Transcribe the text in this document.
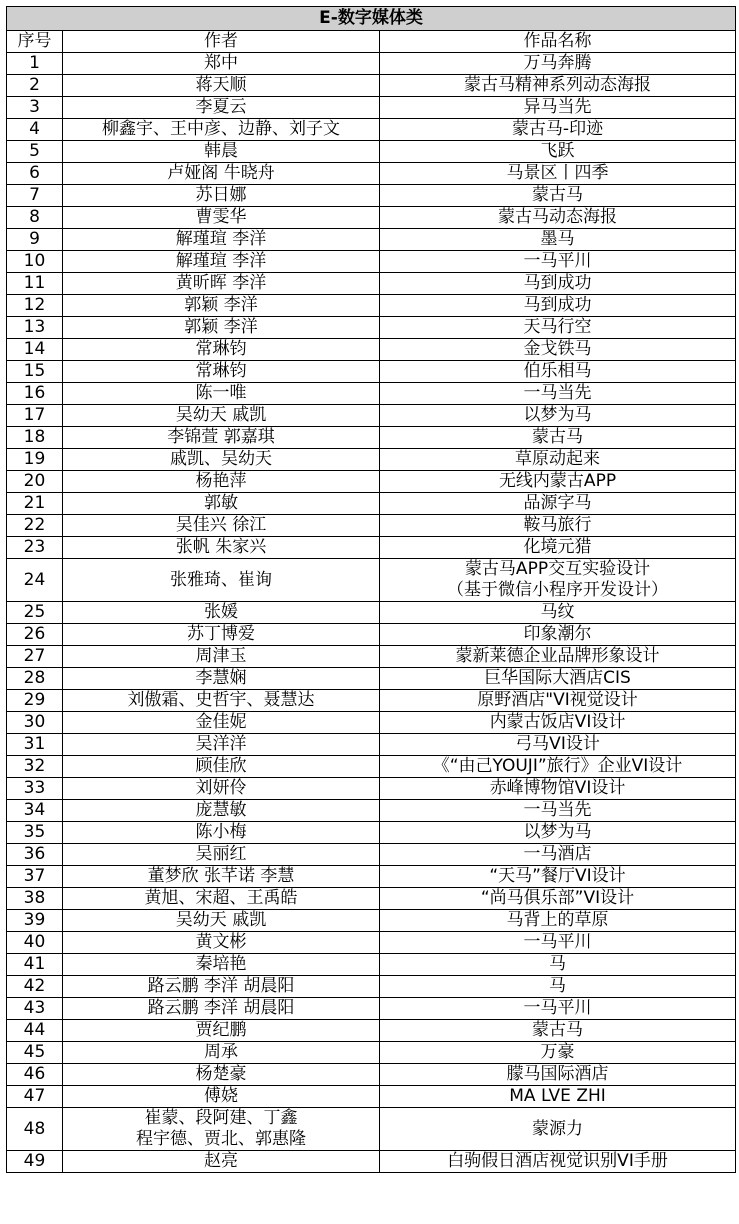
E-数字媒体类		
序号	作者	作品名称
1	郑中	万马奔腾
2	蒋天顺	蒙古马精神系列动态海报
3	李夏云	异马当先
4	柳鑫宇、王中彦、边静、刘子文	蒙古马-印迹
5	韩晨	飞跃
6	卢娅阁 牛晓舟	马景区丨四季
7	苏日娜	蒙古马
8	曹雯华	蒙古马动态海报
9	解瑾瑄 李洋	墨马
10	解瑾瑄 李洋	一马平川
11	黄昕晖 李洋	马到成功
12	郭颖 李洋	马到成功
13	郭颖 李洋	天马行空
14	常琳钧	金戈铁马
15	常琳钧	伯乐相马
16	陈一唯	一马当先
17	吴幼天 戚凯	以梦为马
18	李锦萱 郭嘉琪	蒙古马
19	戚凯、吴幼天	草原动起来
20	杨艳萍	无线内蒙古APP
21	郭敏	品源字马
22	吴佳兴 徐江	鞍马旅行
23	张帆 朱家兴	化境元猎
24	张雅琦、崔询	蒙古马APP交互实验设计
（基于微信小程序开发设计）
25	张媛	马纹
26	苏丁博爱	印象潮尔
27	周津玉	蒙新莱德企业品牌形象设计
28	李慧娴	巨华国际大酒店CIS
29	刘傲霜、史哲宇、聂慧达	原野酒店"VI视觉设计
30	金佳妮	内蒙古饭店VI设计
31	吴洋洋	弓马VI设计
32	顾佳欣	《“由己YOUJI”旅行》企业VI设计
33	刘妍伶	赤峰博物馆VI设计
34	庞慧敏	一马当先
35	陈小梅	以梦为马
36	吴丽红	一马酒店
37	董梦欣 张芊诺 李慧	“天马”餐厅VI设计
38	黄旭、宋超、王禹皓	“尚马俱乐部”VI设计
39	吴幼天 戚凯	马背上的草原
40	黄文彬	一马平川
41	秦培艳	马
42	路云鹏 李洋 胡晨阳	马
43	路云鹏 李洋 胡晨阳	一马平川
44	贾纪鹏	蒙古马
45	周承	万豪
46	杨楚豪	朦马国际酒店
47	傅娆	MA LVE ZHI
48	崔蒙、段阿建、丁鑫
程宇德、贾北、郭惠隆	蒙源力
49	赵亮	白驹假日酒店视觉识别VI手册
